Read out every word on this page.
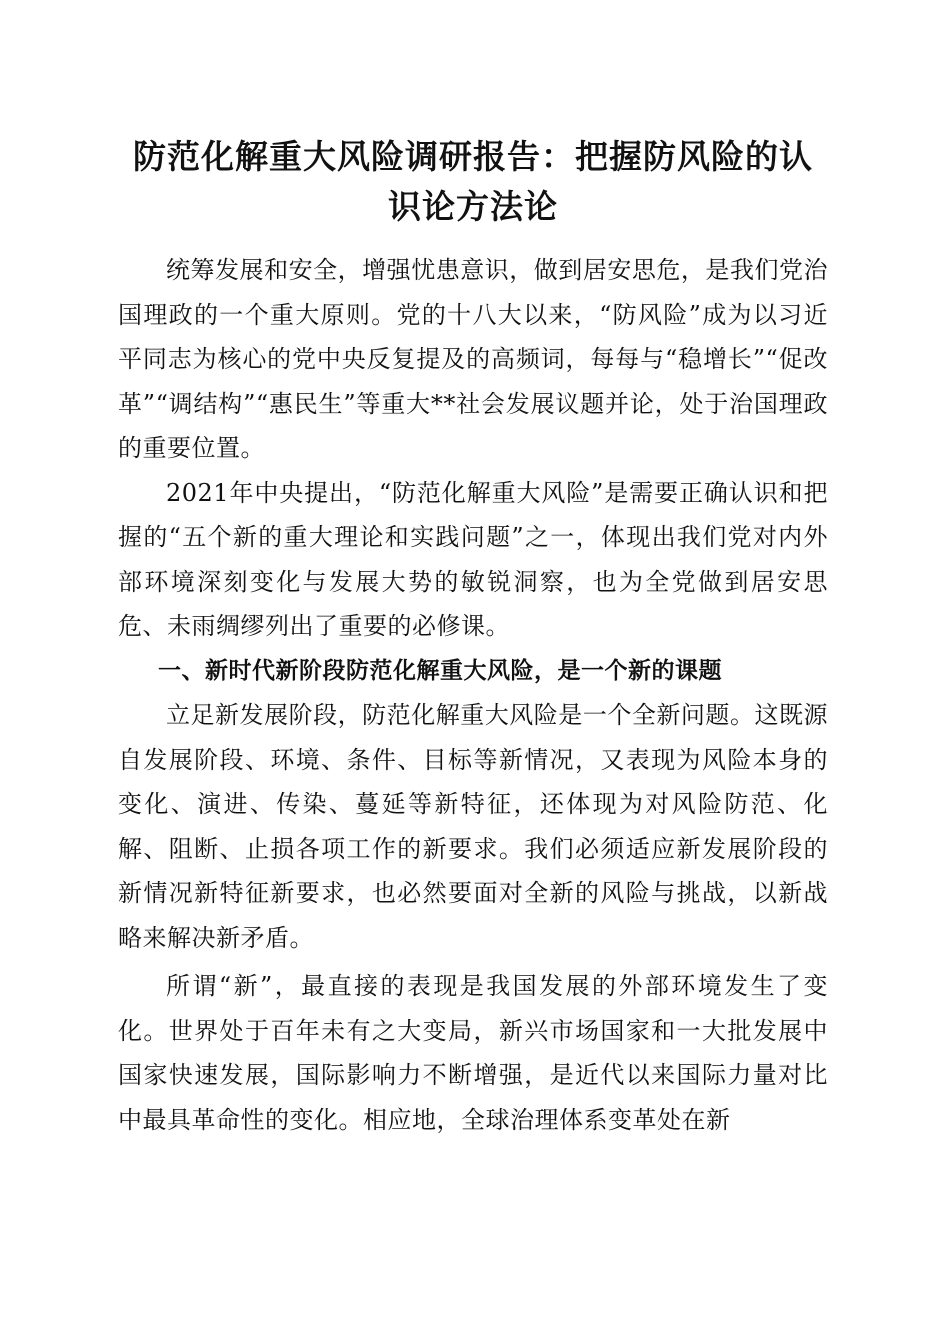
防范化解重大风险调研报告：把握防风险的认识论方法论

统筹发展和安全，增强忧患意识，做到居安思危，是我们党治国理政的一个重大原则。党的十八大以来，“防风险”成为以习近平同志为核心的党中央反复提及的高频词，每每与“稳增长”“促改革”“调结构”“惠民生”等重大**社会发展议题并论，处于治国理政的重要位置。

2021年中央提出，“防范化解重大风险”是需要正确认识和把握的“五个新的重大理论和实践问题”之一，体现出我们党对内外部环境深刻变化与发展大势的敏锐洞察，也为全党做到居安思危、未雨绸缪列出了重要的必修课。

一、新时代新阶段防范化解重大风险，是一个新的课题

立足新发展阶段，防范化解重大风险是一个全新问题。这既源自发展阶段、环境、条件、目标等新情况，又表现为风险本身的变化、演进、传染、蔓延等新特征，还体现为对风险防范、化解、阻断、止损各项工作的新要求。我们必须适应新发展阶段的新情况新特征新要求，也必然要面对全新的风险与挑战，以新战略来解决新矛盾。

所谓“新”，最直接的表现是我国发展的外部环境发生了变化。世界处于百年未有之大变局，新兴市场国家和一大批发展中国家快速发展，国际影响力不断增强，是近代以来国际力量对比中最具革命性的变化。相应地，全球治理体系变革处在新
